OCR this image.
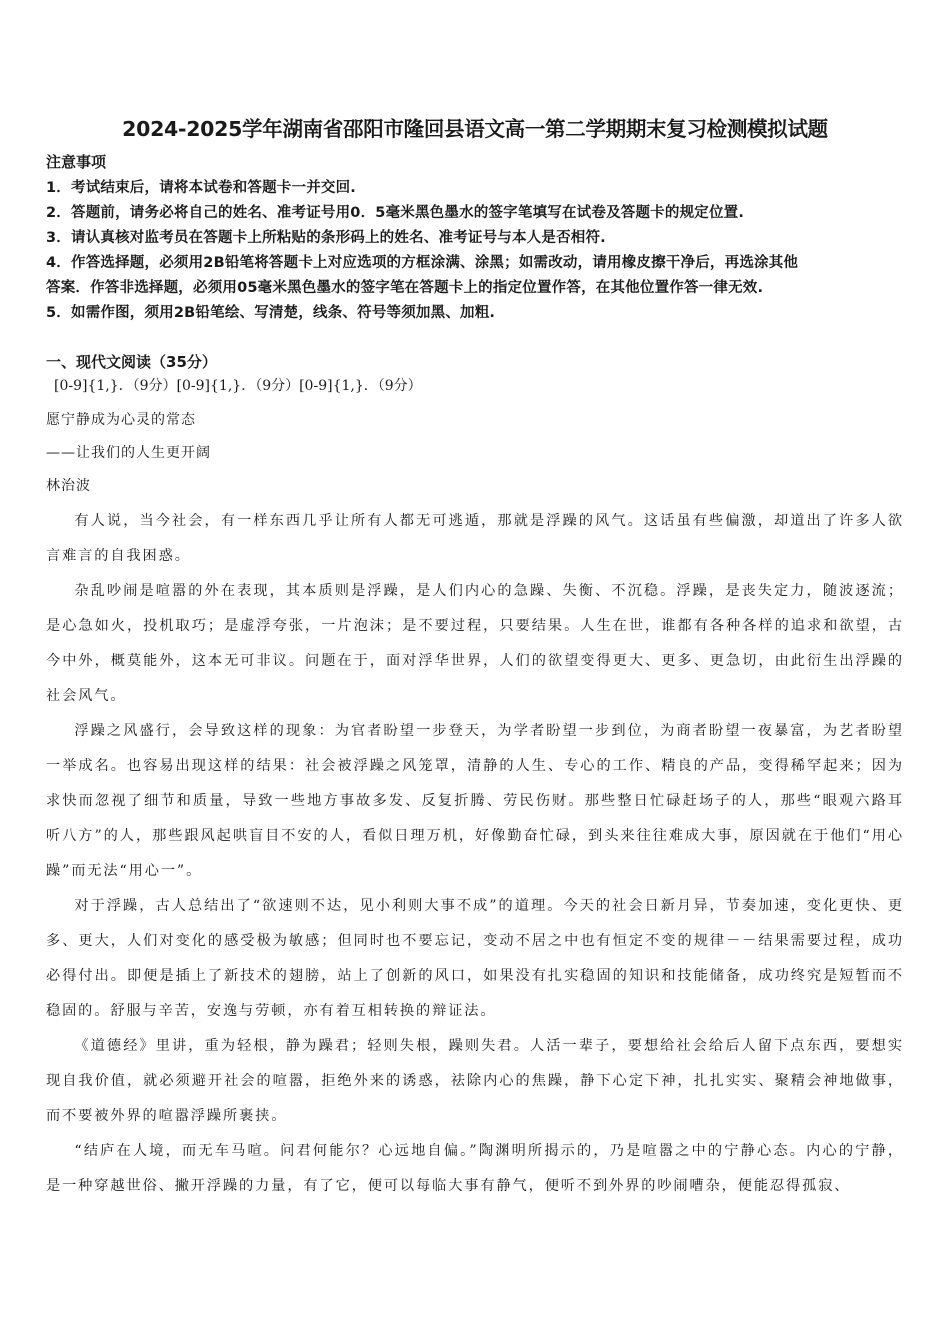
2024-2025学年湖南省邵阳市隆回县语文高一第二学期期末复习检测模拟试题
注意事项
1．考试结束后，请将本试卷和答题卡一并交回.
2．答题前，请务必将自己的姓名、准考证号用0．5毫米黑色墨水的签字笔填写在试卷及答题卡的规定位置.
3．请认真核对监考员在答题卡上所粘贴的条形码上的姓名、准考证号与本人是否相符.
4．作答选择题，必须用2B铅笔将答题卡上对应选项的方框涂满、涂黑；如需改动，请用橡皮擦干净后，再选涂其他
答案．作答非选择题，必须用05毫米黑色墨水的签字笔在答题卡上的指定位置作答，在其他位置作答一律无效.
5．如需作图，须用2B铅笔绘、写清楚，线条、符号等须加黑、加粗.
一、现代文阅读（35分）
[0-9]{1,}．（9分）[0-9]{1,}．（9分）[0-9]{1,}．（9分）
愿宁静成为心灵的常态
——让我们的人生更开阔
林治波

有人说，当今社会，有一样东西几乎让所有人都无可逃遁，那就是浮躁的风气。这话虽有些偏激，却道出了许多人欲言难言的自我困惑。

杂乱吵闹是喧嚣的外在表现，其本质则是浮躁，是人们内心的急躁、失衡、不沉稳。浮躁，是丧失定力，随波逐流；是心急如火，投机取巧；是虚浮夸张，一片泡沫；是不要过程，只要结果。人生在世，谁都有各种各样的追求和欲望，古今中外，概莫能外，这本无可非议。问题在于，面对浮华世界，人们的欲望变得更大、更多、更急切，由此衍生出浮躁的社会风气。

浮躁之风盛行，会导致这样的现象：为官者盼望一步登天，为学者盼望一步到位，为商者盼望一夜暴富，为艺者盼望一举成名。也容易出现这样的结果：社会被浮躁之风笼罩，清静的人生、专心的工作、精良的产品，变得稀罕起来；因为求快而忽视了细节和质量，导致一些地方事故多发、反复折腾、劳民伤财。那些整日忙碌赶场子的人，那些“眼观六路耳听八方”的人，那些跟风起哄盲目不安的人，看似日理万机，好像勤奋忙碌，到头来往往难成大事，原因就在于他们“用心躁”而无法“用心一”。

对于浮躁，古人总结出了“欲速则不达，见小利则大事不成”的道理。今天的社会日新月异，节奏加速，变化更快、更多、更大，人们对变化的感受极为敏感；但同时也不要忘记，变动不居之中也有恒定不变的规律－－结果需要过程，成功必得付出。即便是插上了新技术的翅膀，站上了创新的风口，如果没有扎实稳固的知识和技能储备，成功终究是短暂而不稳固的。舒服与辛苦，安逸与劳顿，亦有着互相转换的辩证法。

《道德经》里讲，重为轻根，静为躁君；轻则失根，躁则失君。人活一辈子，要想给社会给后人留下点东西，要想实现自我价值，就必须避开社会的喧嚣，拒绝外来的诱惑，祛除内心的焦躁，静下心定下神，扎扎实实、聚精会神地做事，而不要被外界的喧嚣浮躁所裹挟。

“结庐在人境，而无车马喧。问君何能尔？心远地自偏。”陶渊明所揭示的，乃是喧嚣之中的宁静心态。内心的宁静，是一种穿越世俗、撇开浮躁的力量，有了它，便可以每临大事有静气，便听不到外界的吵闹嘈杂，便能忍得孤寂、
